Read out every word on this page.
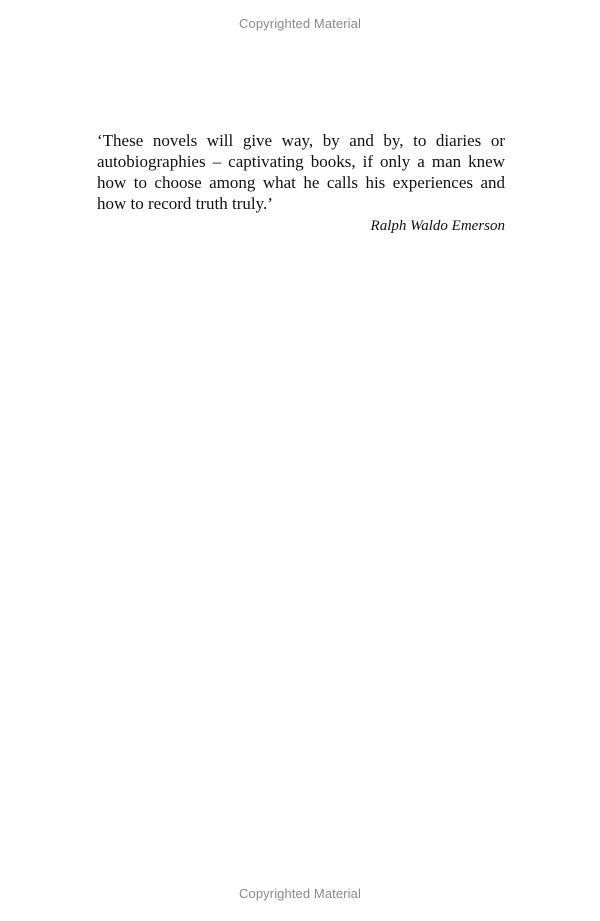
Copyrighted Material

‘These novels will give way, by and by, to diaries or
autobiographies – captivating books, if only a man knew
how to choose among what he calls his experiences and
how to record truth truly.’

Ralph Waldo Emerson

Copyrighted Material
